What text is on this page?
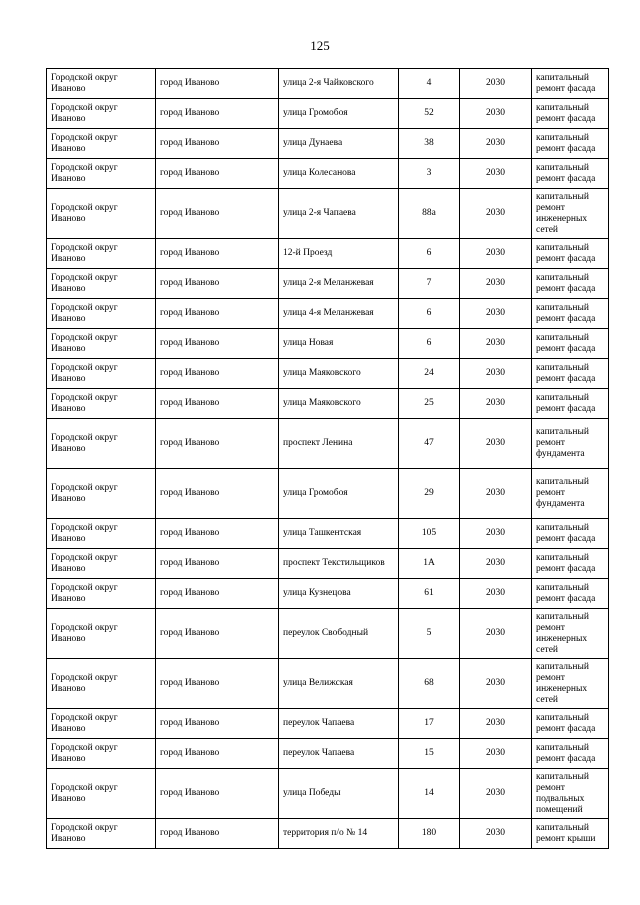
125
Городской округ Иваново	город Иваново	улица 2-я Чайковского	4	2030	капитальный ремонт фасада
Городской округ Иваново	город Иваново	улица Громобоя	52	2030	капитальный ремонт фасада
Городской округ Иваново	город Иваново	улица Дунаева	38	2030	капитальный ремонт фасада
Городской округ Иваново	город Иваново	улица Колесанова	3	2030	капитальный ремонт фасада
Городской округ Иваново	город Иваново	улица 2-я Чапаева	88а	2030	капитальный ремонт инженерных сетей
Городской округ Иваново	город Иваново	12-й Проезд	6	2030	капитальный ремонт фасада
Городской округ Иваново	город Иваново	улица 2-я Меланжевая	7	2030	капитальный ремонт фасада
Городской округ Иваново	город Иваново	улица 4-я Меланжевая	6	2030	капитальный ремонт фасада
Городской округ Иваново	город Иваново	улица Новая	6	2030	капитальный ремонт фасада
Городской округ Иваново	город Иваново	улица Маяковского	24	2030	капитальный ремонт фасада
Городской округ Иваново	город Иваново	улица Маяковского	25	2030	капитальный ремонт фасада
Городской округ Иваново	город Иваново	проспект Ленина	47	2030	капитальный ремонт фундамента
Городской округ Иваново	город Иваново	улица Громобоя	29	2030	капитальный ремонт фундамента
Городской округ Иваново	город Иваново	улица Ташкентская	105	2030	капитальный ремонт фасада
Городской округ Иваново	город Иваново	проспект Текстильщиков	1А	2030	капитальный ремонт фасада
Городской округ Иваново	город Иваново	улица Кузнецова	61	2030	капитальный ремонт фасада
Городской округ Иваново	город Иваново	переулок Свободный	5	2030	капитальный ремонт инженерных сетей
Городской округ Иваново	город Иваново	улица Велижская	68	2030	капитальный ремонт инженерных сетей
Городской округ Иваново	город Иваново	переулок Чапаева	17	2030	капитальный ремонт фасада
Городской округ Иваново	город Иваново	переулок Чапаева	15	2030	капитальный ремонт фасада
Городской округ Иваново	город Иваново	улица Победы	14	2030	капитальный ремонт подвальных помещений
Городской округ Иваново	город Иваново	территория п/о № 14	180	2030	капитальный ремонт крыши
